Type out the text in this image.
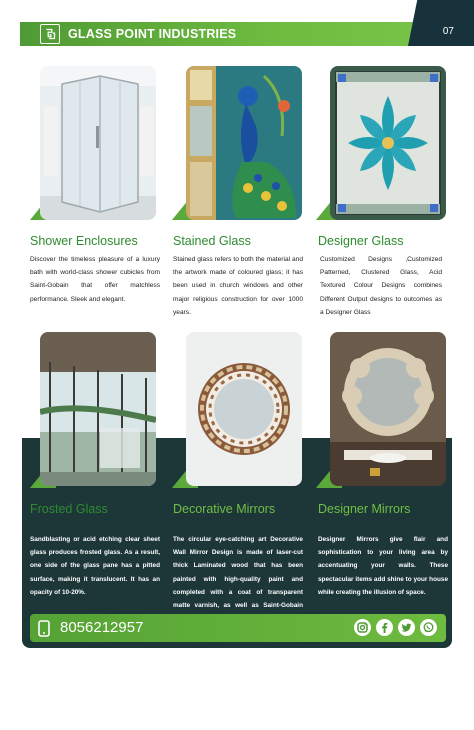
GLASS POINT INDUSTRIES	07
Shower Enclosures
Discover the timeless pleasure of a luxury bath with world-class shower cubicles from Saint-Gobain that offer matchless performance. Sleek and elegant.
Stained Glass
Stained glass refers to both the material and the artwork made of coloured glass; it has been used in church windows and other major religious construction for over 1000 years.
Designer Glass
Customized Designs ,Customized Patterned, Clustered Glass, Acid Textured Colour Designs combines Different Output designs to outcomes as a Designer Glass
Frosted Glass
Sandblasting or acid etching clear sheet glass produces frosted glass. As a result, one side of the glass pane has a pitted surface, making it translucent. It has an opacity of 10-20%.
Decorative Mirrors
The circular eye-catching art Decorative Wall Mirror Design is made of laser-cut thick Laminated wood that has been painted with high-quality paint and completed with a coat of transparent matte varnish, as well as Saint-Gobain
Designer Mirrors
Designer Mirrors give flair and sophistication to your living area by accentuating your walls. These spectacular items add shine to your house while creating the illusion of space.
8056212957
